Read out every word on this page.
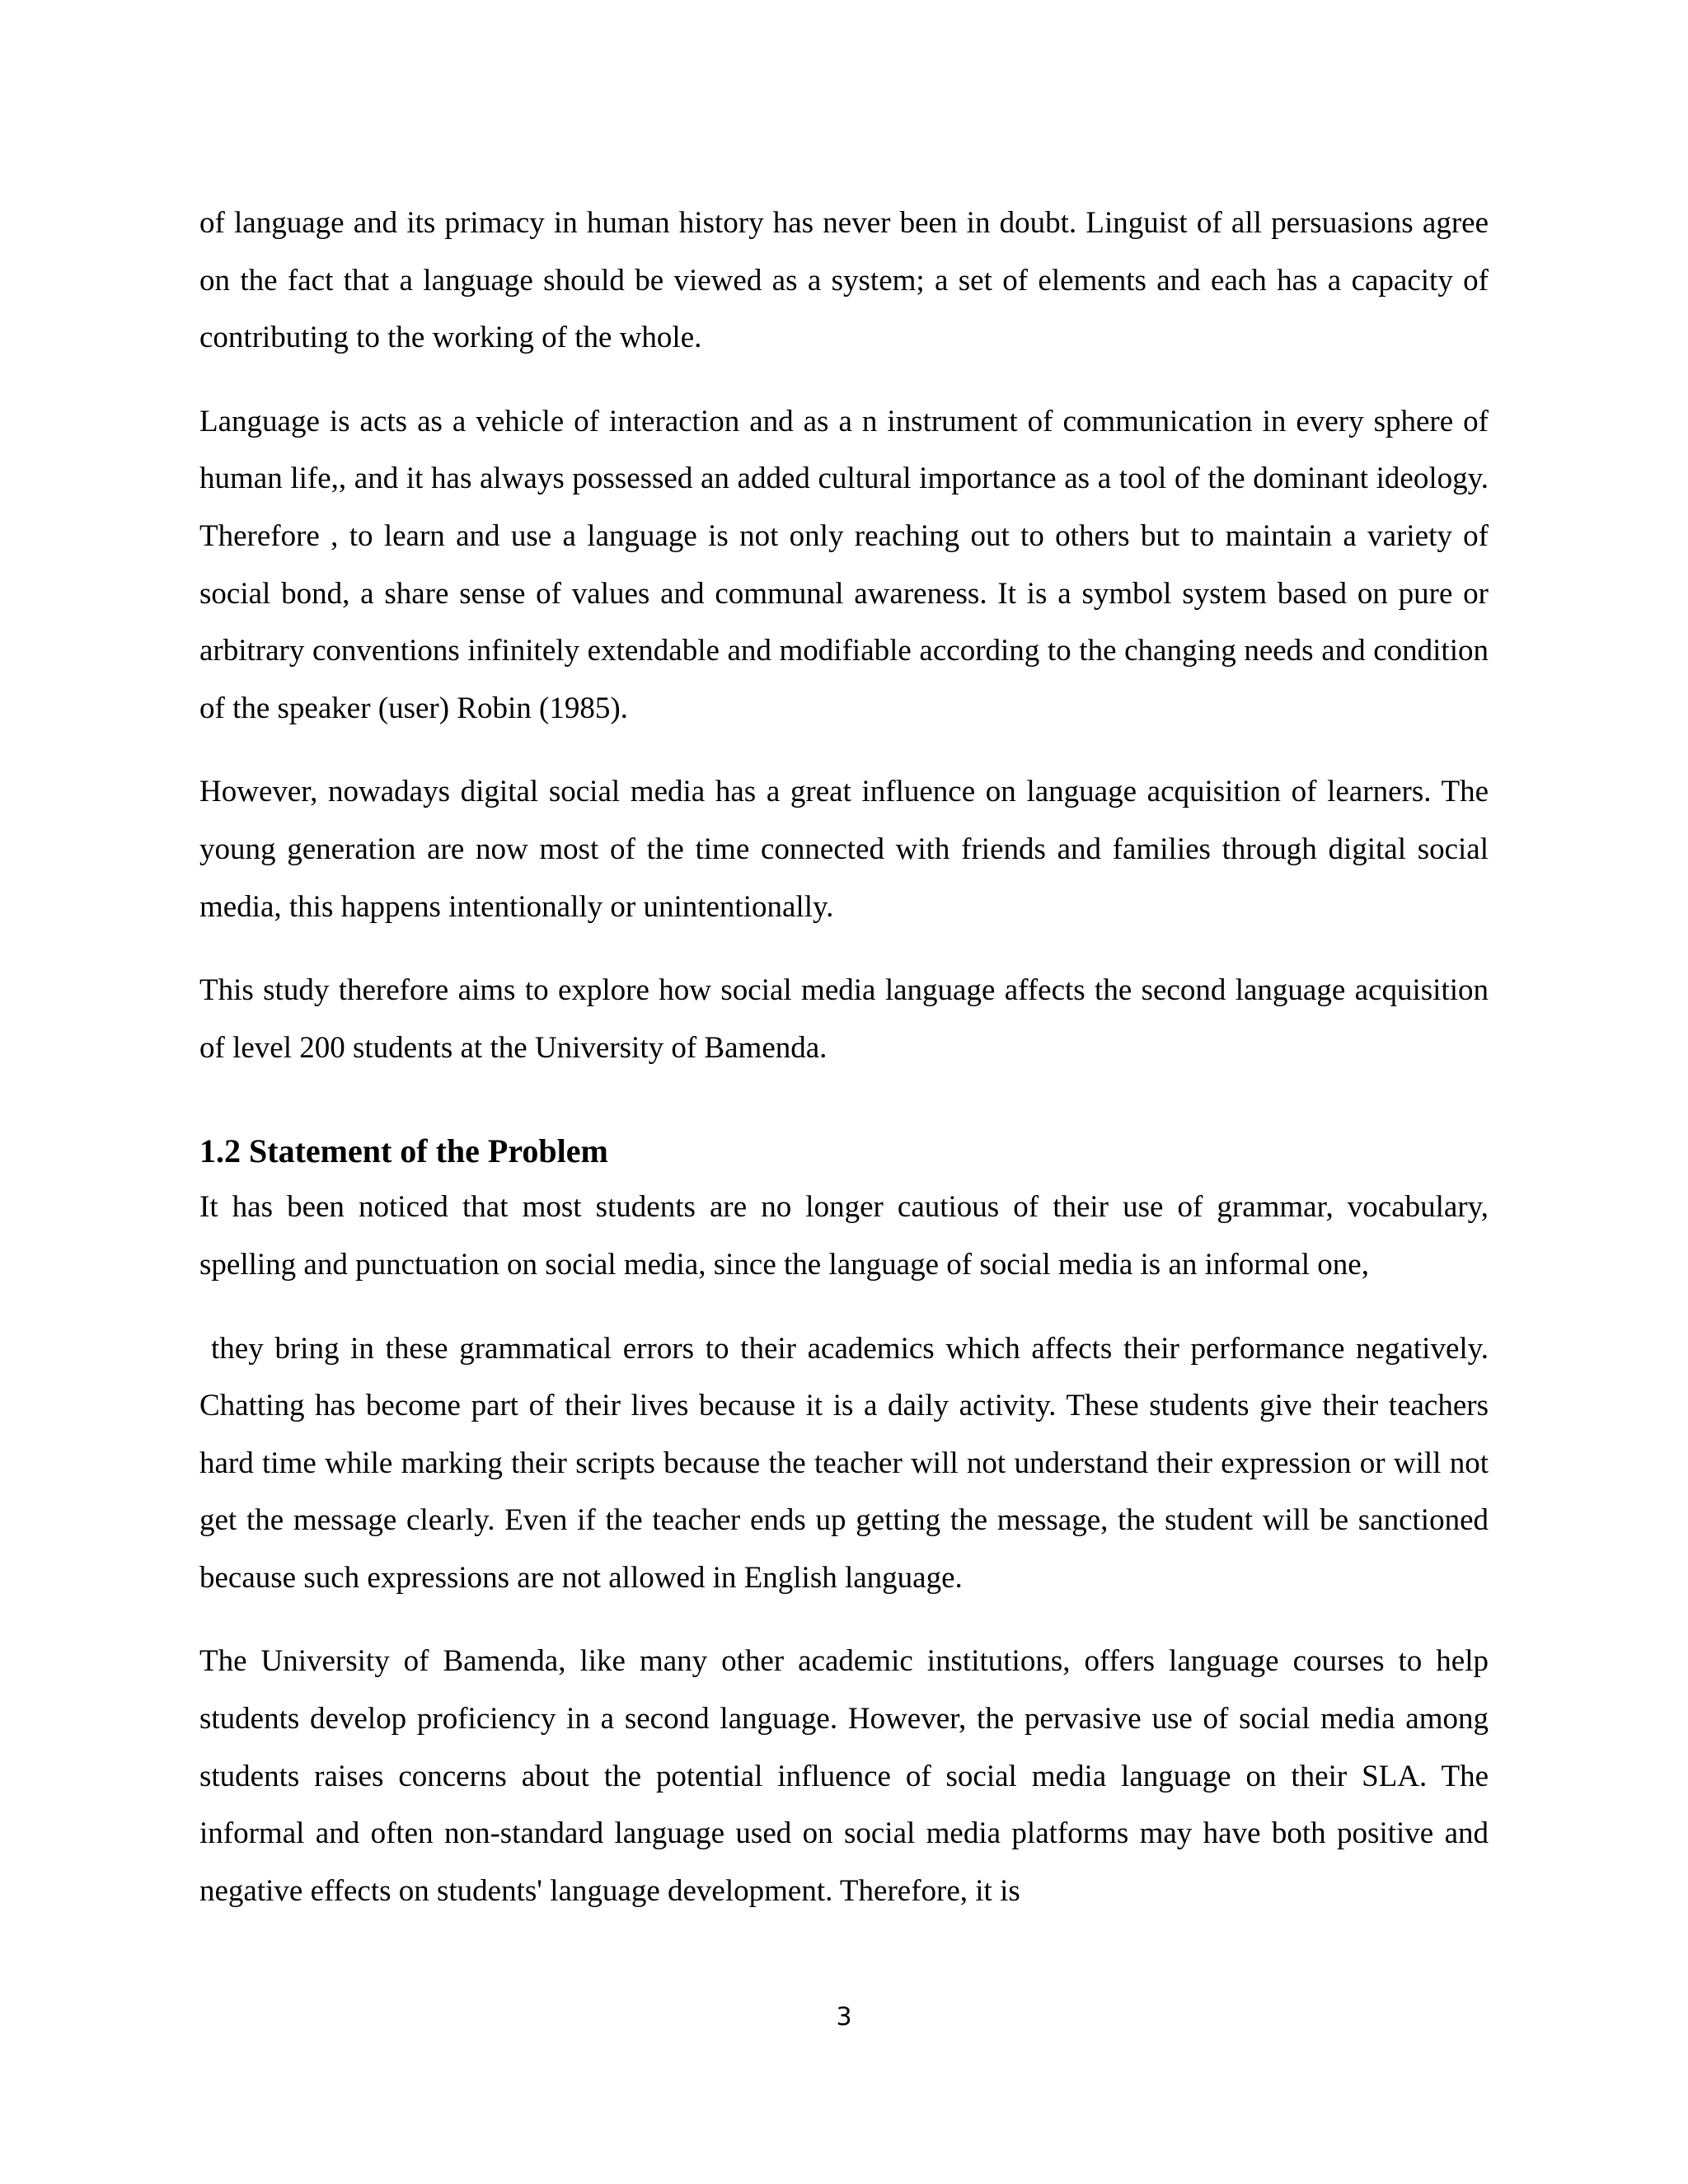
of language and its primacy in human history has never been in doubt. Linguist of all persuasions agree on the fact that a language should be viewed as a system; a set of elements and each has a capacity of contributing to the working of the whole.

Language is acts as a vehicle of interaction and as a n instrument of communication in every sphere of human life,, and it has always possessed an added cultural importance as a tool of the dominant ideology. Therefore , to learn and use a language is not only reaching out to others but to maintain a variety of social bond, a share sense of values and communal awareness. It is a symbol system based on pure or arbitrary conventions infinitely extendable and modifiable according to the changing needs and condition of the speaker (user) Robin (1985).

However, nowadays digital social media has a great influence on language acquisition of learners. The young generation are now most of the time connected with friends and families through digital social media, this happens intentionally or unintentionally.

This study therefore aims to explore how social media language affects the second language acquisition of level 200 students at the University of Bamenda.

1.2 Statement of the Problem

It has been noticed that most students are no longer cautious of their use of grammar, vocabulary, spelling and punctuation on social media, since the language of social media is an informal one,

they bring in these grammatical errors to their academics which affects their performance negatively. Chatting has become part of their lives because it is a daily activity. These students give their teachers hard time while marking their scripts because the teacher will not understand their expression or will not get the message clearly. Even if the teacher ends up getting the message, the student will be sanctioned because such expressions are not allowed in English language.

The University of Bamenda, like many other academic institutions, offers language courses to help students develop proficiency in a second language. However, the pervasive use of social media among students raises concerns about the potential influence of social media language on their SLA. The informal and often non-standard language used on social media platforms may have both positive and negative effects on students' language development. Therefore, it is

3
